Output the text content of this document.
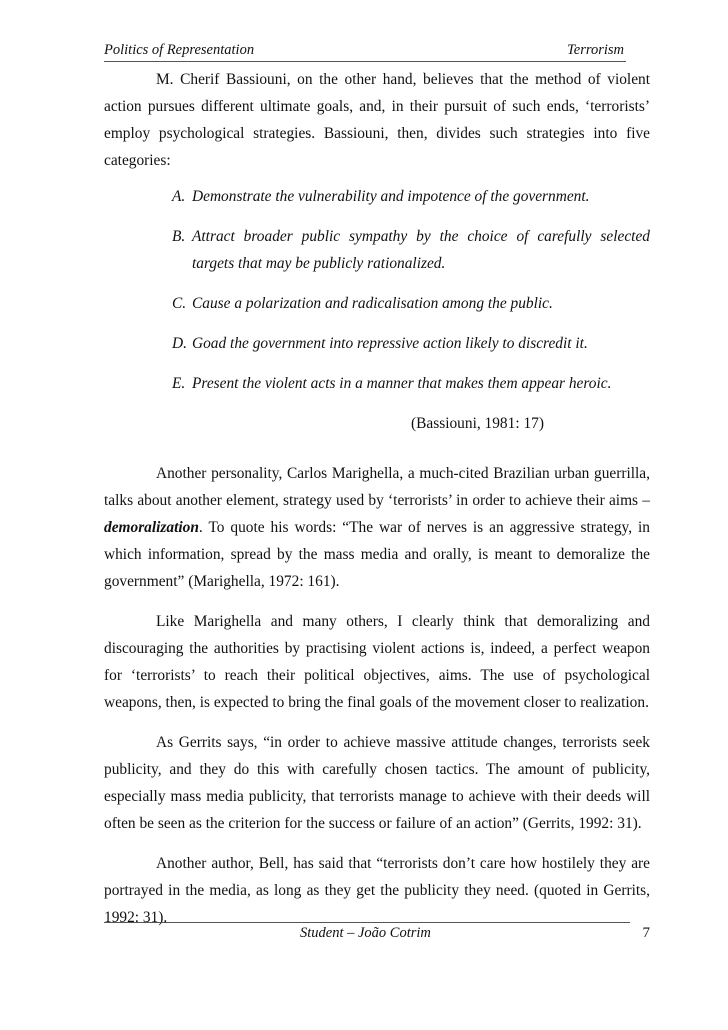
Politics of Representation	Terrorism

M. Cherif Bassiouni, on the other hand, believes that the method of violent action pursues different ultimate goals, and, in their pursuit of such ends, ‘terrorists’ employ psychological strategies. Bassiouni, then, divides such strategies into five categories:

A. Demonstrate the vulnerability and impotence of the government.
B. Attract broader public sympathy by the choice of carefully selected targets that may be publicly rationalized.
C. Cause a polarization and radicalisation among the public.
D. Goad the government into repressive action likely to discredit it.
E. Present the violent acts in a manner that makes them appear heroic.
(Bassiouni, 1981: 17)

Another personality, Carlos Marighella, a much-cited Brazilian urban guerrilla, talks about another element, strategy used by ‘terrorists’ in order to achieve their aims – demoralization. To quote his words: “The war of nerves is an aggressive strategy, in which information, spread by the mass media and orally, is meant to demoralize the government” (Marighella, 1972: 161).

Like Marighella and many others, I clearly think that demoralizing and discouraging the authorities by practising violent actions is, indeed, a perfect weapon for ‘terrorists’ to reach their political objectives, aims. The use of psychological weapons, then, is expected to bring the final goals of the movement closer to realization.

As Gerrits says, “in order to achieve massive attitude changes, terrorists seek publicity, and they do this with carefully chosen tactics. The amount of publicity, especially mass media publicity, that terrorists manage to achieve with their deeds will often be seen as the criterion for the success or failure of an action” (Gerrits, 1992: 31).

Another author, Bell, has said that “terrorists don’t care how hostilely they are portrayed in the media, as long as they get the publicity they need. (quoted in Gerrits, 1992: 31).

Student – João Cotrim	7
